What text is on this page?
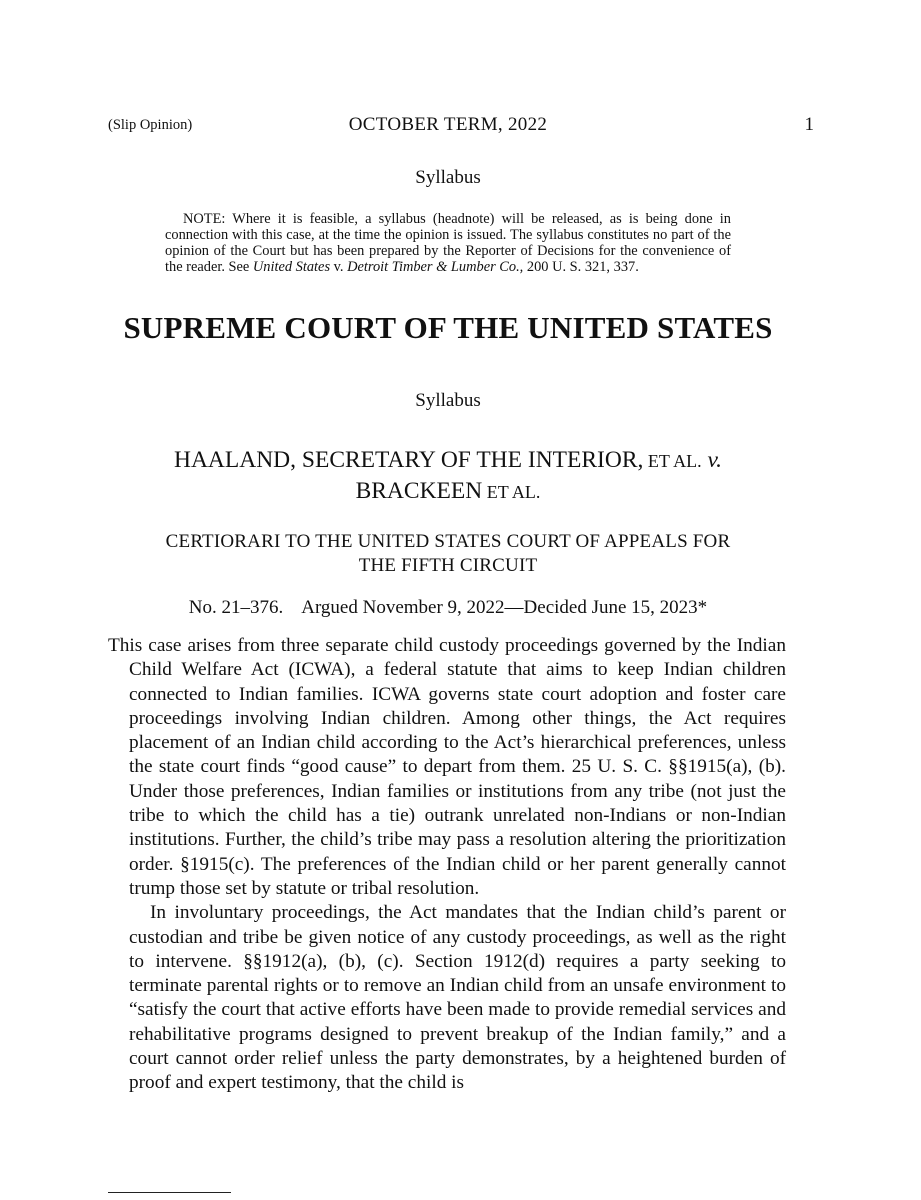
(Slip Opinion)	OCTOBER TERM, 2022	1
Syllabus
NOTE: Where it is feasible, a syllabus (headnote) will be released, as is being done in connection with this case, at the time the opinion is issued. The syllabus constitutes no part of the opinion of the Court but has been prepared by the Reporter of Decisions for the convenience of the reader. See United States v. Detroit Timber & Lumber Co., 200 U. S. 321, 337.
SUPREME COURT OF THE UNITED STATES
Syllabus
HAALAND, SECRETARY OF THE INTERIOR, ET AL. v.
BRACKEEN ET AL.
CERTIORARI TO THE UNITED STATES COURT OF APPEALS FOR
THE FIFTH CIRCUIT
No. 21–376.    Argued November 9, 2022—Decided June 15, 2023*

This case arises from three separate child custody proceedings governed by the Indian Child Welfare Act (ICWA), a federal statute that aims to keep Indian children connected to Indian families. ICWA governs state court adoption and foster care proceedings involving Indian children. Among other things, the Act requires placement of an Indian child according to the Act’s hierarchical preferences, unless the state court finds “good cause” to depart from them. 25 U. S. C. §§1915(a), (b). Under those preferences, Indian families or institutions from any tribe (not just the tribe to which the child has a tie) outrank unrelated non-Indians or non-Indian institutions. Further, the child’s tribe may pass a resolution altering the prioritization order. §1915(c). The preferences of the Indian child or her parent generally cannot trump those set by statute or tribal resolution.

In involuntary proceedings, the Act mandates that the Indian child’s parent or custodian and tribe be given notice of any custody proceedings, as well as the right to intervene. §§1912(a), (b), (c). Section 1912(d) requires a party seeking to terminate parental rights or to remove an Indian child from an unsafe environment to “satisfy the court that active efforts have been made to provide remedial services and rehabilitative programs designed to prevent breakup of the Indian family,” and a court cannot order relief unless the party demonstrates, by a heightened burden of proof and expert testimony, that the child is
